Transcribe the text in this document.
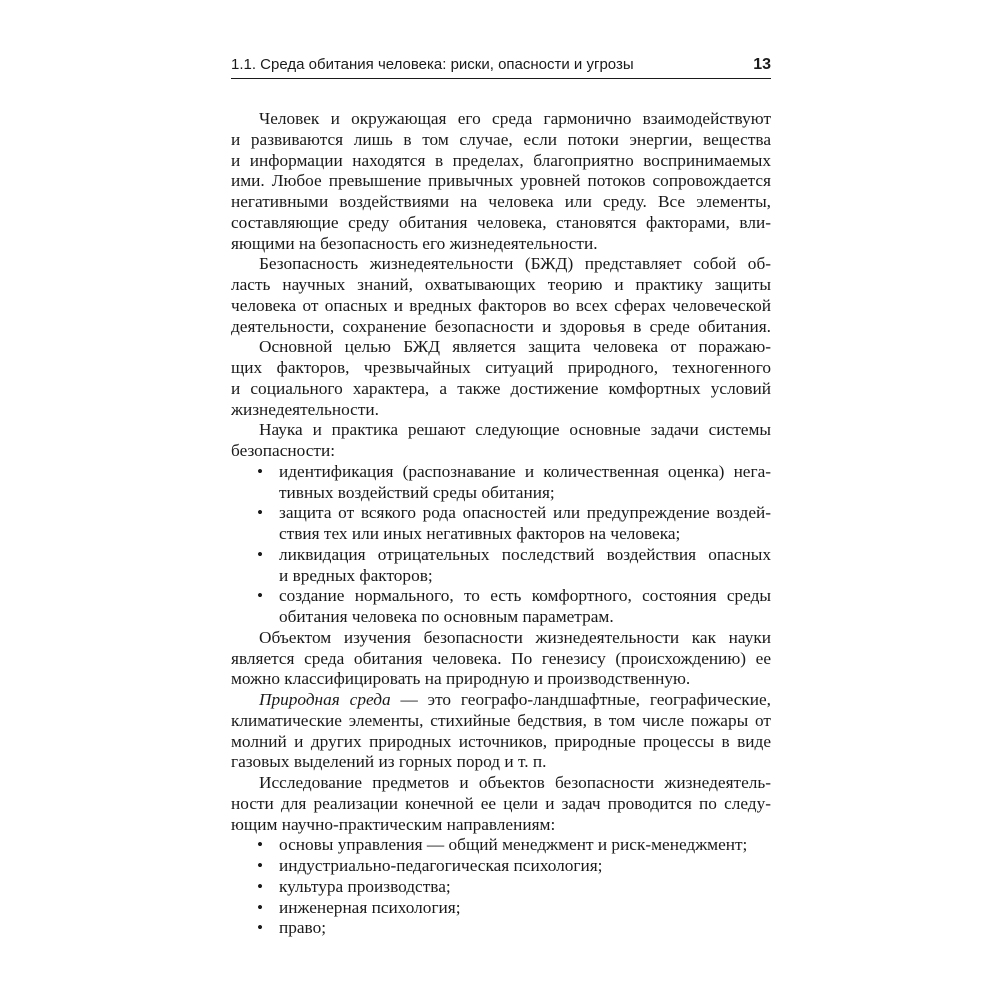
1.1. Среда обитания человека: риски, опасности и угрозы	13
Человек и окружающая его среда гармонично взаимодействуют
и развиваются лишь в том случае, если потоки энергии, вещества
и информации находятся в пределах, благоприятно воспринимаемых
ими. Любое превышение привычных уровней потоков сопровождается
негативными воздействиями на человека или среду. Все элементы,
составляющие среду обитания человека, становятся факторами, вли-
яющими на безопасность его жизнедеятельности.
Безопасность жизнедеятельности (БЖД) представляет собой об-
ласть научных знаний, охватывающих теорию и практику защиты
человека от опасных и вредных факторов во всех сферах человеческой
деятельности, сохранение безопасности и здоровья в среде обитания.
Основной целью БЖД является защита человека от поражаю-
щих факторов, чрезвычайных ситуаций природного, техногенного
и социального характера, а также достижение комфортных условий
жизнедеятельности.
Наука и практика решают следующие основные задачи системы
безопасности:
•
идентификация (распознавание и количественная оценка) нега-
тивных воздействий среды обитания;
•
защита от всякого рода опасностей или предупреждение воздей-
ствия тех или иных негативных факторов на человека;
•
ликвидация отрицательных последствий воздействия опасных
и вредных факторов;
•
создание нормального, то есть комфортного, состояния среды
обитания человека по основным параметрам.
Объектом изучения безопасности жизнедеятельности как науки
является среда обитания человека. По генезису (происхождению) ее
можно классифицировать на природную и производственную.
Природная среда — это географо-ландшафтные, географические,
климатические элементы, стихийные бедствия, в том числе пожары от
молний и других природных источников, природные процессы в виде
газовых выделений из горных пород и т. п.
Исследование предметов и объектов безопасности жизнедеятель-
ности для реализации конечной ее цели и задач проводится по следу-
ющим научно-практическим направлениям:
•
основы управления — общий менеджмент и риск-менеджмент;
•
индустриально-педагогическая психология;
•
культура производства;
•
инженерная психология;
•
право;
